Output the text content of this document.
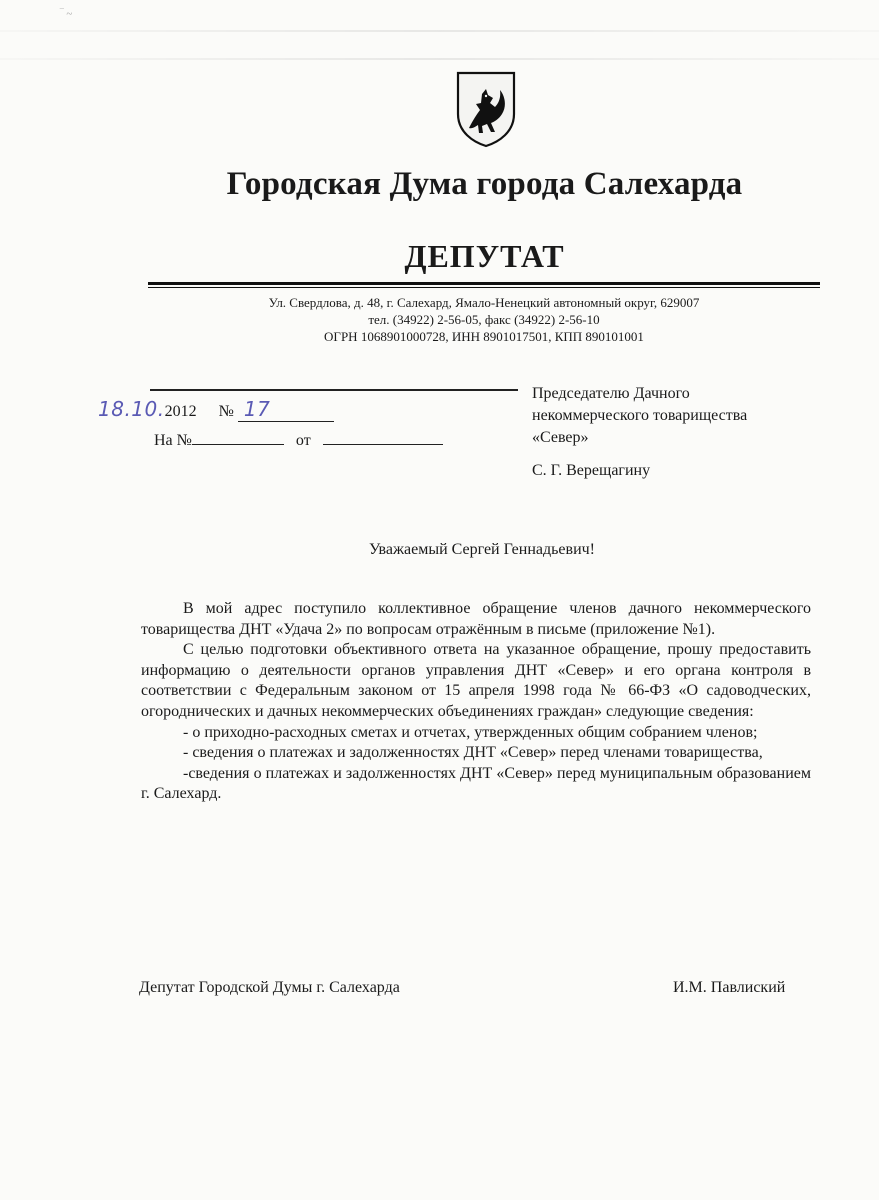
‾ ~
Городская Дума города Салехарда
ДЕПУТАТ
Ул. Свердлова, д. 48, г. Салехард, Ямало-Ненецкий автономный округ, 629007
тел. (34922) 2-56-05, факс (34922) 2-56-10
ОГРН 1068901000728, ИНН 8901017501, КПП 890101001
18.10.2012 № 17
На №	от
Председателю Дачного
некоммерческого товарищества
«Север»
С. Г. Верещагину
Уважаемый Сергей Геннадьевич!

В мой адрес поступило коллективное обращение членов дачного некоммерческого товарищества ДНТ «Удача 2» по вопросам отражённым в письме (приложение №1).

С целью подготовки объективного ответа на указанное обращение, прошу предоставить информацию о деятельности органов управления ДНТ «Север» и его органа контроля в соответствии с Федеральным законом от 15 апреля 1998 года № 66-ФЗ «О садоводческих, огороднических и дачных некоммерческих объединениях граждан» следующие сведения:

- о приходно-расходных сметах и отчетах, утвержденных общим собранием членов;

- сведения о платежах и задолженностях ДНТ «Север» перед членами товарищества,

-сведения о платежах и задолженностях ДНТ «Север» перед муниципальным образованием г. Салехард.

Депутат Городской Думы г. Салехарда	И.М. Павлиский
